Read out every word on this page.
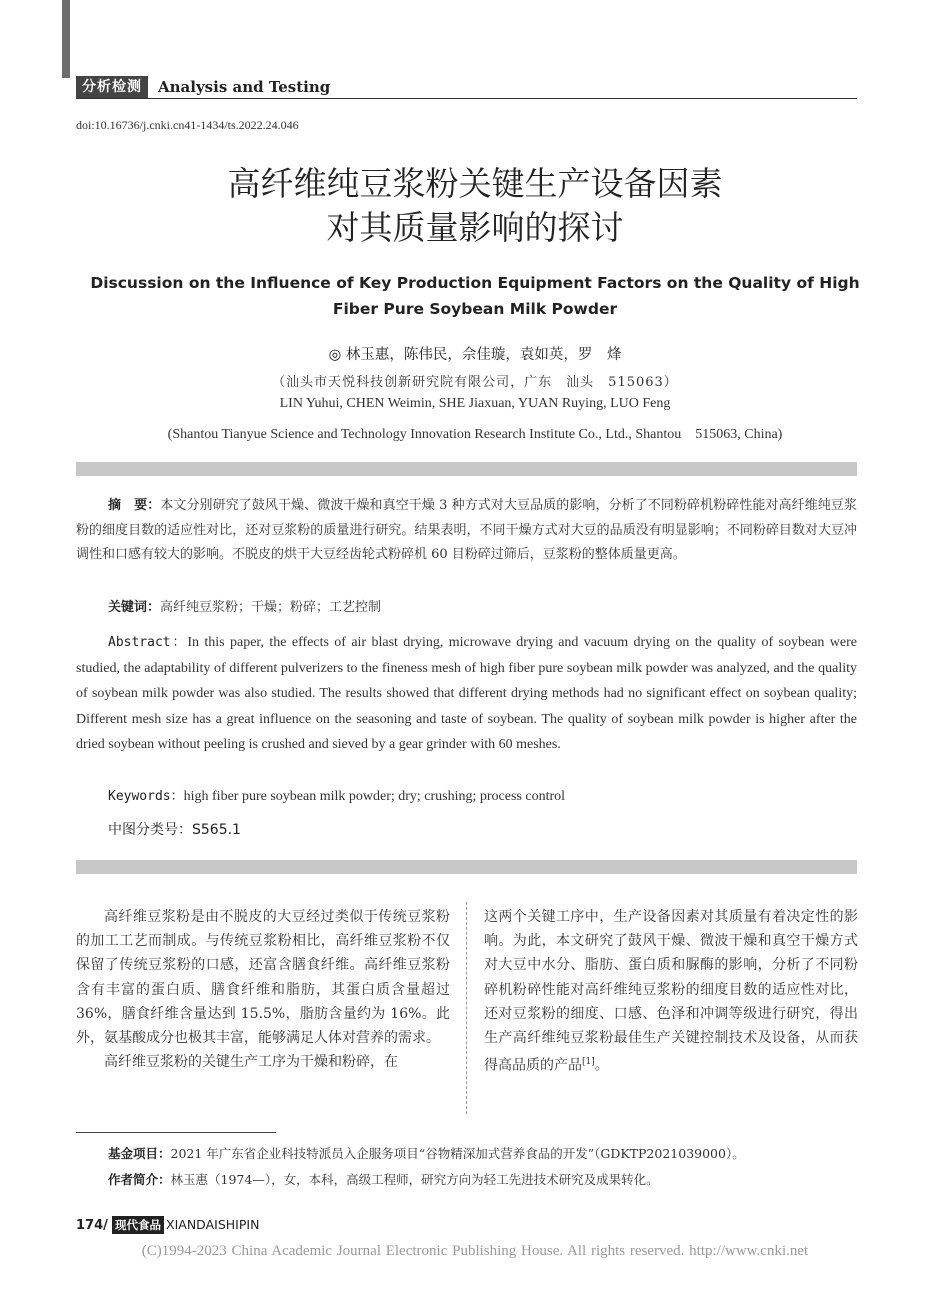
分析检测	Analysis and Testing
doi:10.16736/j.cnki.cn41-1434/ts.2022.24.046
高纤维纯豆浆粉关键生产设备因素
对其质量影响的探讨
Discussion on the Influence of Key Production Equipment Factors on the Quality of High Fiber Pure Soybean Milk Powder
◎ 林玉惠，陈伟民，佘佳璇，袁如英，罗　烽
（汕头市天悦科技创新研究院有限公司，广东　汕头　515063）
LIN Yuhui, CHEN Weimin, SHE Jiaxuan, YUAN Ruying, LUO Feng
(Shantou Tianyue Science and Technology Innovation Research Institute Co., Ltd., Shantou　515063, China)
摘　要：本文分别研究了鼓风干燥、微波干燥和真空干燥 3 种方式对大豆品质的影响，分析了不同粉碎机粉碎性能对高纤维纯豆浆粉的细度目数的适应性对比，还对豆浆粉的质量进行研究。结果表明，不同干燥方式对大豆的品质没有明显影响；不同粉碎目数对大豆冲调性和口感有较大的影响。不脱皮的烘干大豆经齿轮式粉碎机 60 目粉碎过筛后，豆浆粉的整体质量更高。
关键词：高纤纯豆浆粉；干燥；粉碎；工艺控制
Abstract：In this paper, the effects of air blast drying, microwave drying and vacuum drying on the quality of soybean were studied, the adaptability of different pulverizers to the fineness mesh of high fiber pure soybean milk powder was analyzed, and the quality of soybean milk powder was also studied. The results showed that different drying methods had no significant effect on soybean quality; Different mesh size has a great influence on the seasoning and taste of soybean. The quality of soybean milk powder is higher after the dried soybean without peeling is crushed and sieved by a gear grinder with 60 meshes.
Keywords：high fiber pure soybean milk powder; dry; crushing; process control
中图分类号：S565.1

高纤维豆浆粉是由不脱皮的大豆经过类似于传统豆浆粉的加工工艺而制成。与传统豆浆粉相比，高纤维豆浆粉不仅保留了传统豆浆粉的口感，还富含膳食纤维。高纤维豆浆粉含有丰富的蛋白质、膳食纤维和脂肪，其蛋白质含量超过 36%，膳食纤维含量达到 15.5%，脂肪含量约为 16%。此外，氨基酸成分也极其丰富，能够满足人体对营养的需求。

高纤维豆浆粉的关键生产工序为干燥和粉碎，在

这两个关键工序中，生产设备因素对其质量有着决定性的影响。为此，本文研究了鼓风干燥、微波干燥和真空干燥方式对大豆中水分、脂肪、蛋白质和脲酶的影响，分析了不同粉碎机粉碎性能对高纤维纯豆浆粉的细度目数的适应性对比，还对豆浆粉的细度、口感、色泽和冲调等级进行研究，得出生产高纤维纯豆浆粉最佳生产关键控制技术及设备，从而获得高品质的产品[1]。

基金项目：2021 年广东省企业科技特派员入企服务项目“谷物精深加式营养食品的开发”（GDKTP2021039000）。
作者简介：林玉惠（1974—），女，本科，高级工程师，研究方向为轻工先进技术研究及成果转化。
174/ 现代食品 XIANDAISHIPIN
(C)1994-2023 China Academic Journal Electronic Publishing House. All rights reserved. http://www.cnki.net
